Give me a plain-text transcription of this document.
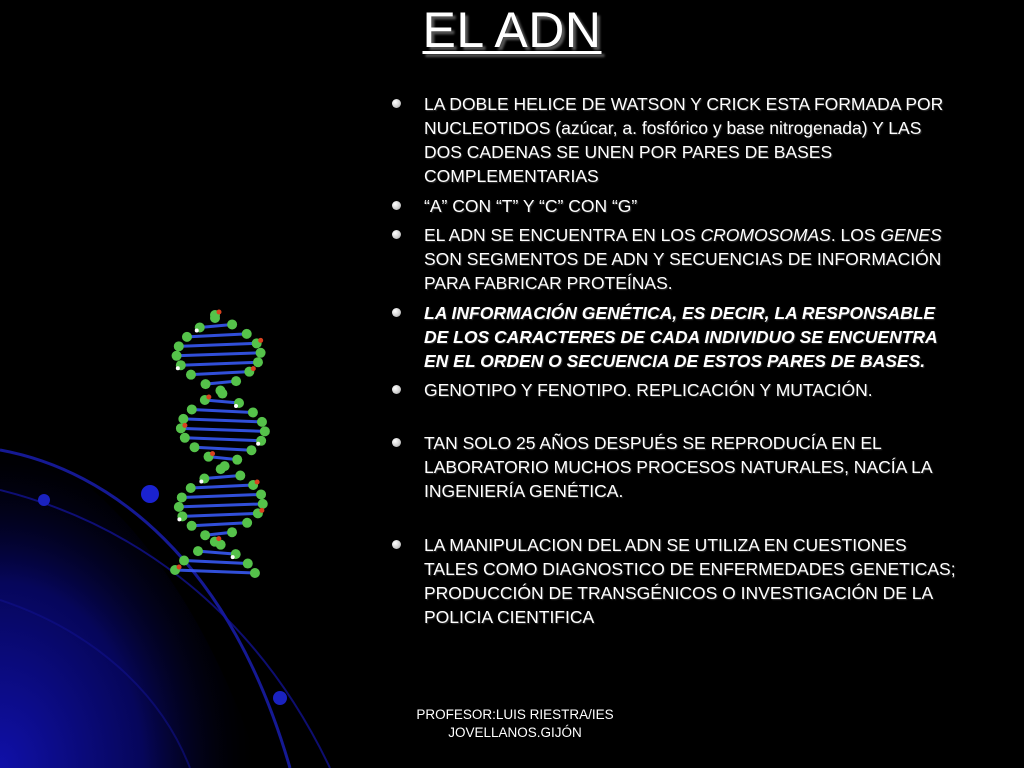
EL ADN
LA DOBLE HELICE DE WATSON Y CRICK ESTA FORMADA POR NUCLEOTIDOS (azúcar, a. fosfórico y base nitrogenada) Y LAS DOS CADENAS SE UNEN POR PARES DE BASES COMPLEMENTARIAS
“A” CON “T” Y “C” CON “G”
EL ADN SE ENCUENTRA EN LOS CROMOSOMAS. LOS GENES SON SEGMENTOS DE ADN Y SECUENCIAS DE INFORMACIÓN PARA FABRICAR PROTEÍNAS.
LA INFORMACIÓN GENÉTICA, ES DECIR, LA RESPONSABLE DE LOS CARACTERES DE CADA INDIVIDUO SE ENCUENTRA EN EL ORDEN O SECUENCIA DE ESTOS PARES DE BASES.
GENOTIPO Y FENOTIPO. REPLICACIÓN Y MUTACIÓN.
TAN SOLO 25 AÑOS DESPUÉS SE REPRODUCÍA EN EL LABORATORIO MUCHOS PROCESOS NATURALES, NACÍA LA INGENIERÍA GENÉTICA.
LA MANIPULACION DEL ADN SE UTILIZA EN CUESTIONES TALES COMO DIAGNOSTICO DE ENFERMEDADES GENETICAS; PRODUCCIÓN DE TRANSGÉNICOS O INVESTIGACIÓN DE LA POLICIA CIENTIFICA
PROFESOR:LUIS RIESTRA/IES
JOVELLANOS.GIJÓN
